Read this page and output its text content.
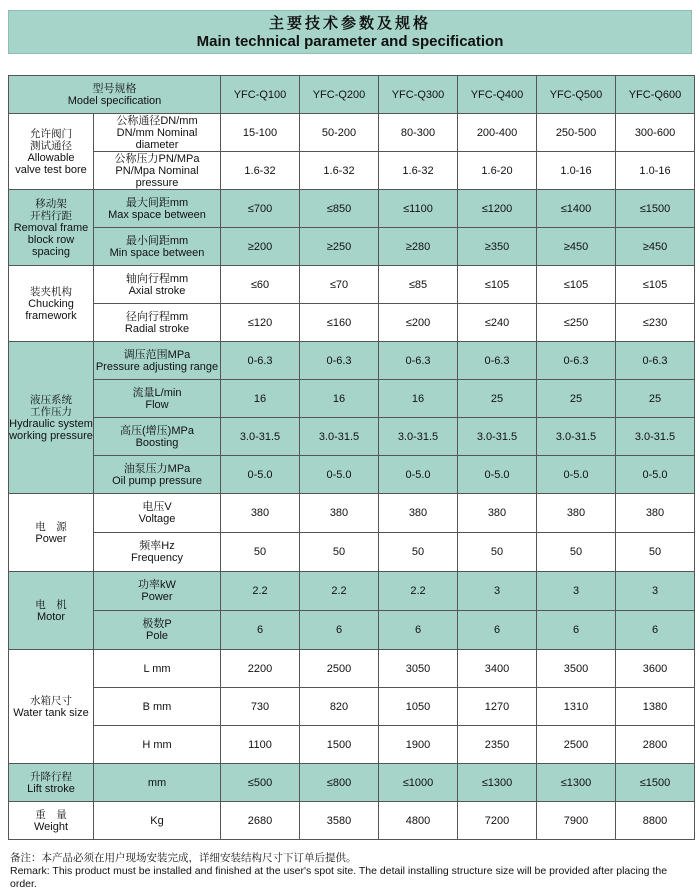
主要技术参数及规格
Main technical parameter and specification
型号规格
Model specification		YFC-Q100	YFC-Q200	YFC-Q300	YFC-Q400	YFC-Q500	YFC-Q600

允许阀门
测试通径
Allowable
valve test bore	公称通径DN/mm
DN/mm Nominal diameter	15-100	50-200	80-300	200-400	250-500	300-600

	公称压力PN/MPa
PN/Mpa Nominal pressure	1.6-32	1.6-32	1.6-32	1.6-20	1.0-16	1.0-16

移动架
开档行距
Removal frame
block row spacing	最大间距mm
Max space between	≤700	≤850	≤1100	≤1200	≤1400	≤1500

	最小间距mm
Min space between	≥200	≥250	≥280	≥350	≥450	≥450

装夹机构
Chucking
framework	轴向行程mm
Axial stroke	≤60	≤70	≤85	≤105	≤105	≤105

	径向行程mm
Radial stroke	≤120	≤160	≤200	≤240	≤250	≤230

液压系统
工作压力
Hydraulic system
working pressure	调压范围MPa
Pressure adjusting range	0-6.3	0-6.3	0-6.3	0-6.3	0-6.3	0-6.3

	流量L/min
Flow	16	16	16	25	25	25

	高压(增压)MPa
Boosting	3.0-31.5	3.0-31.5	3.0-31.5	3.0-31.5	3.0-31.5	3.0-31.5

	油泵压力MPa
Oil pump pressure	0-5.0	0-5.0	0-5.0	0-5.0	0-5.0	0-5.0

电　源
Power	电压V
Voltage	380	380	380	380	380	380

	频率Hz
Frequency	50	50	50	50	50	50

电　机
Motor	功率kW
Power	2.2	2.2	2.2	3	3	3

	极数P
Pole	6	6	6	6	6	6

水箱尺寸
Water tank size	L mm	2200	2500	3050	3400	3500	3600

	B mm	730	820	1050	1270	1310	1380

	H mm	1100	1500	1900	2350	2500	2800

升降行程
Lift stroke	mm	≤500	≤800	≤1000	≤1300	≤1300	≤1500

重　量
Weight	Kg	2680	3580	4800	7200	7900	8800
备注：本产品必须在用户现场安装完成，详细安装结构尺寸下订单后提供。
Remark: This product must be installed and finished at the user's spot site. The detail installing structure size will be provided after placing the order.
